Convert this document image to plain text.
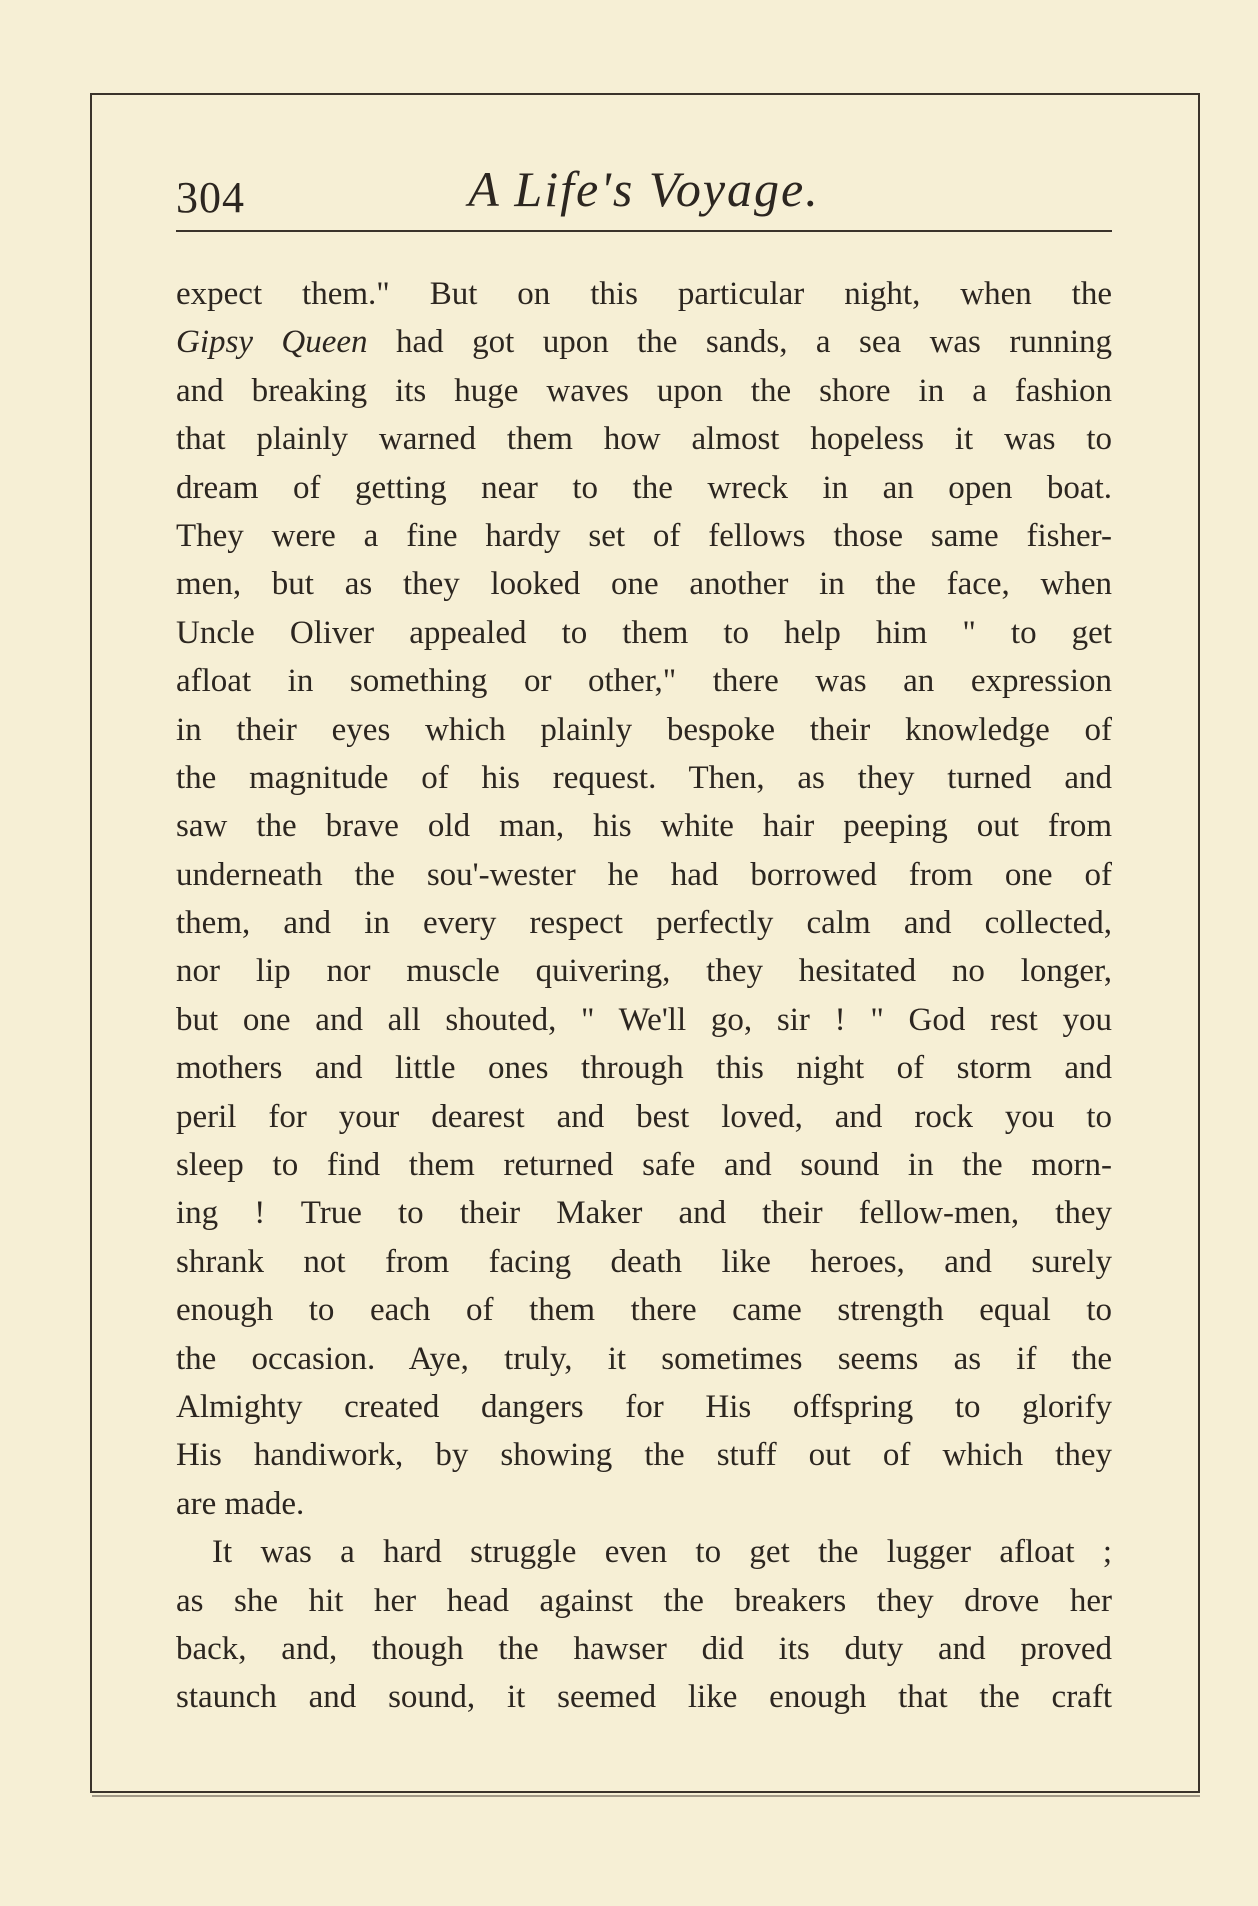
304	A Life's Voyage.
expect them." But on this particular night, when the
Gipsy Queen had got upon the sands, a sea was running
and breaking its huge waves upon the shore in a fashion
that plainly warned them how almost hopeless it was to
dream of getting near to the wreck in an open boat.
They were a fine hardy set of fellows those same fisher-
men, but as they looked one another in the face, when
Uncle Oliver appealed to them to help him " to get
afloat in something or other," there was an expression
in their eyes which plainly bespoke their knowledge of
the magnitude of his request. Then, as they turned and
saw the brave old man, his white hair peeping out from
underneath the sou'-wester he had borrowed from one of
them, and in every respect perfectly calm and collected,
nor lip nor muscle quivering, they hesitated no longer,
but one and all shouted, " We'll go, sir ! " God rest you
mothers and little ones through this night of storm and
peril for your dearest and best loved, and rock you to
sleep to find them returned safe and sound in the morn-
ing ! True to their Maker and their fellow-men, they
shrank not from facing death like heroes, and surely
enough to each of them there came strength equal to
the occasion. Aye, truly, it sometimes seems as if the
Almighty created dangers for His offspring to glorify
His handiwork, by showing the stuff out of which they
are made.
It was a hard struggle even to get the lugger afloat ;
as she hit her head against the breakers they drove her
back, and, though the hawser did its duty and proved
staunch and sound, it seemed like enough that the craft
